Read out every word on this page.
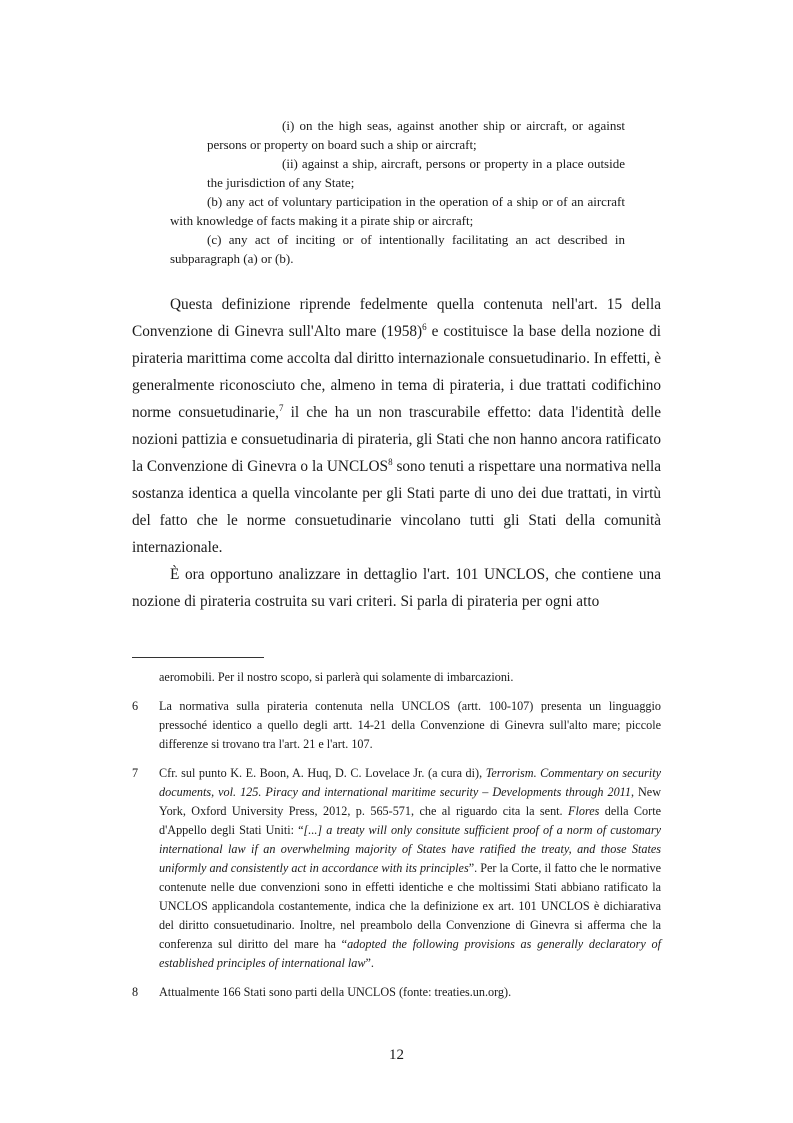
(i) on the high seas, against another ship or aircraft, or against persons or property on board such a ship or aircraft;

(ii) against a ship, aircraft, persons or property in a place outside the jurisdiction of any State;

(b) any act of voluntary participation in the operation of a ship or of an aircraft with knowledge of facts making it a pirate ship or aircraft;

(c) any act of inciting or of intentionally facilitating an act described in subparagraph (a) or (b).

Questa definizione riprende fedelmente quella contenuta nell'art. 15 della Convenzione di Ginevra sull'Alto mare $(1958)^6$ e costituisce la base della nozione di pirateria marittima come accolta dal diritto internazionale consuetudinario. In effetti, è generalmente riconosciuto che, almeno in tema di pirateria, i due trattati codifichino norme consuetudinarie,$^7$ il che ha un non trascurabile effetto: data l'identità delle nozioni pattizia e consuetudinaria di pirateria, gli Stati che non hanno ancora ratificato la Convenzione di Ginevra o la UNCLOS$^8$ sono tenuti a rispettare una normativa nella sostanza identica a quella vincolante per gli Stati parte di uno dei due trattati, in virtù del fatto che le norme consuetudinarie vincolano tutti gli Stati della comunità internazionale.

È ora opportuno analizzare in dettaglio l'art. 101 UNCLOS, che contiene una nozione di pirateria costruita su vari criteri. Si parla di pirateria per ogni atto

aeromobili. Per il nostro scopo, si parlerà qui solamente di imbarcazioni.
6	La normativa sulla pirateria contenuta nella UNCLOS (artt. 100-107) presenta un linguaggio pressoché identico a quello degli artt. 14-21 della Convenzione di Ginevra sull'alto mare; piccole differenze si trovano tra l'art. 21 e l'art. 107.
7	Cfr. sul punto K. E. Boon, A. Huq, D. C. Lovelace Jr. (a cura di), Terrorism. Commentary on security documents, vol. 125. Piracy and international maritime security – Developments through 2011, New York, Oxford University Press, 2012, p. 565-571, che al riguardo cita la sent. Flores della Corte d'Appello degli Stati Uniti: “[...] a treaty will only consitute sufficient proof of a norm of customary international law if an overwhelming majority of States have ratified the treaty, and those States uniformly and consistently act in accordance with its principles”. Per la Corte, il fatto che le normative contenute nelle due convenzioni sono in effetti identiche e che moltissimi Stati abbiano ratificato la UNCLOS applicandola costantemente, indica che la definizione ex art. 101 UNCLOS è dichiarativa del diritto consuetudinario. Inoltre, nel preambolo della Convenzione di Ginevra si afferma che la conferenza sul diritto del mare ha “adopted the following provisions as generally declaratory of established principles of international law”.
8	Attualmente 166 Stati sono parti della UNCLOS (fonte: treaties.un.org).
12
